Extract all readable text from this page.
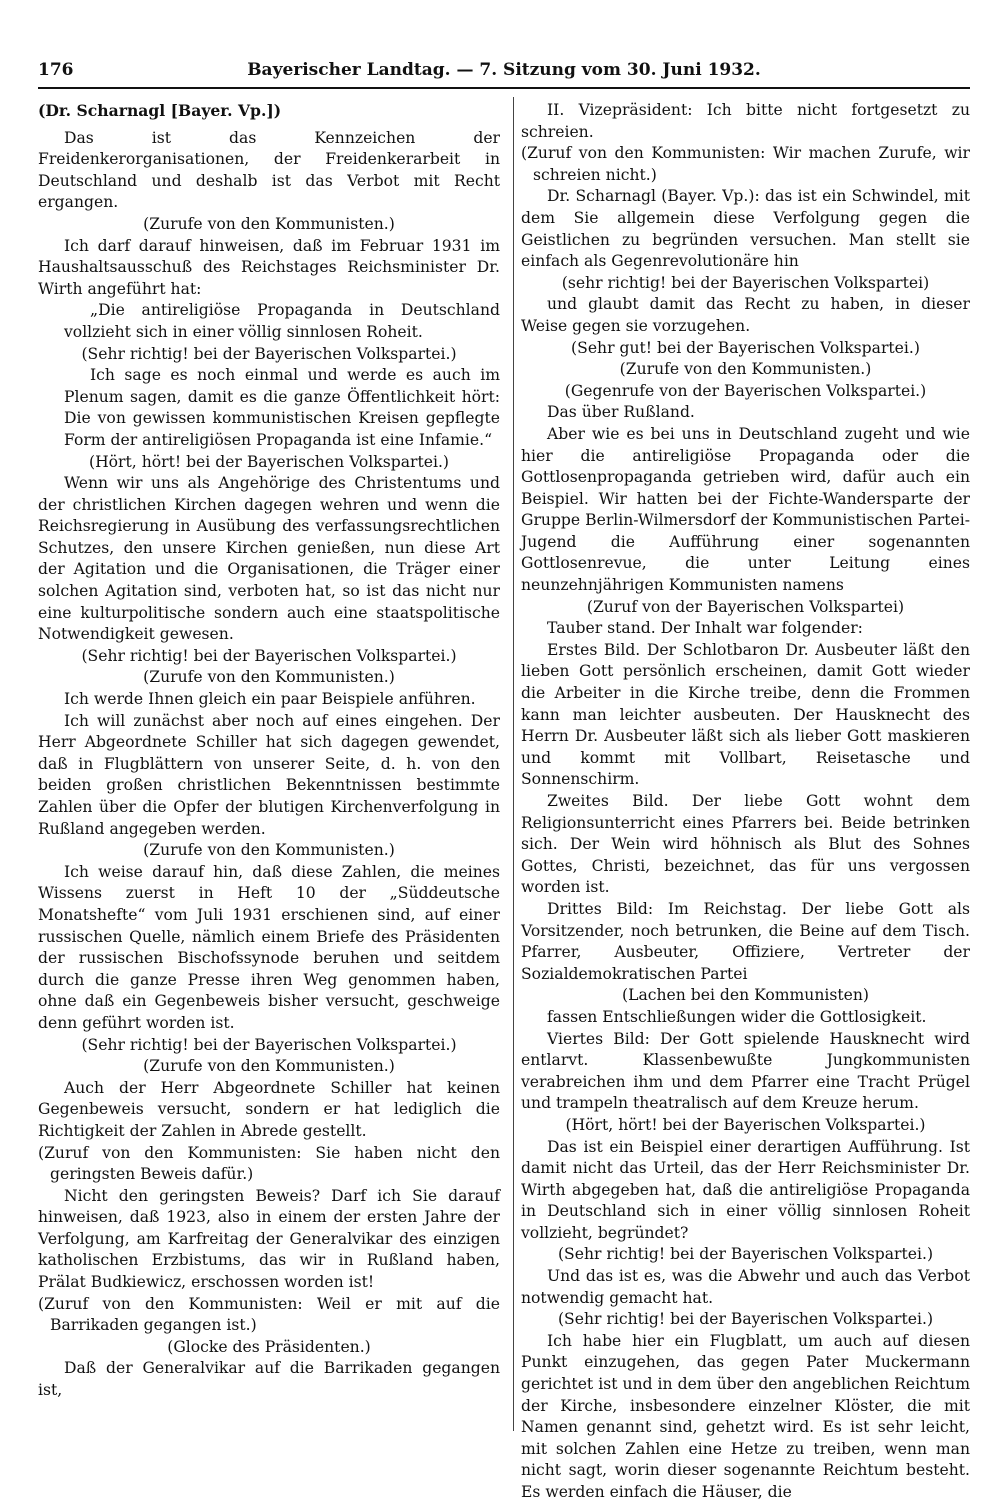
176	Bayerischer Landtag. — 7. Sitzung vom 30. Juni 1932.

(Dr. Scharnagl [Bayer. Vp.])

Das ist das Kennzeichen der Freidenkerorganisationen, der Freidenkerarbeit in Deutschland und deshalb ist das Verbot mit Recht ergangen.

(Zurufe von den Kommunisten.)

Ich darf darauf hinweisen, daß im Februar 1931 im Haushaltsausschuß des Reichstages Reichsminister Dr. Wirth angeführt hat:

„Die antireligiöse Propaganda in Deutschland vollzieht sich in einer völlig sinnlosen Roheit.

(Sehr richtig! bei der Bayerischen Volkspartei.)

Ich sage es noch einmal und werde es auch im Plenum sagen, damit es die ganze Öffentlichkeit hört: Die von gewissen kommunistischen Kreisen gepflegte Form der antireligiösen Propaganda ist eine Infamie.“

(Hört, hört! bei der Bayerischen Volkspartei.)

Wenn wir uns als Angehörige des Christentums und der christlichen Kirchen dagegen wehren und wenn die Reichsregierung in Ausübung des verfassungsrechtlichen Schutzes, den unsere Kirchen genießen, nun diese Art der Agitation und die Organisationen, die Träger einer solchen Agitation sind, verboten hat, so ist das nicht nur eine kulturpolitische sondern auch eine staatspolitische Notwendigkeit gewesen.

(Sehr richtig! bei der Bayerischen Volkspartei.)

(Zurufe von den Kommunisten.)

Ich werde Ihnen gleich ein paar Beispiele anführen.

Ich will zunächst aber noch auf eines eingehen. Der Herr Abgeordnete Schiller hat sich dagegen gewendet, daß in Flugblättern von unserer Seite, d. h. von den beiden großen christlichen Bekenntnissen bestimmte Zahlen über die Opfer der blutigen Kirchenverfolgung in Rußland angegeben werden.

(Zurufe von den Kommunisten.)

Ich weise darauf hin, daß diese Zahlen, die meines Wissens zuerst in Heft 10 der „Süddeutsche Monatshefte“ vom Juli 1931 erschienen sind, auf einer russischen Quelle, nämlich einem Briefe des Präsidenten der russischen Bischofssynode beruhen und seitdem durch die ganze Presse ihren Weg genommen haben, ohne daß ein Gegenbeweis bisher versucht, geschweige denn geführt worden ist.

(Sehr richtig! bei der Bayerischen Volkspartei.)

(Zurufe von den Kommunisten.)

Auch der Herr Abgeordnete Schiller hat keinen Gegenbeweis versucht, sondern er hat lediglich die Richtigkeit der Zahlen in Abrede gestellt.

(Zuruf von den Kommunisten: Sie haben nicht den geringsten Beweis dafür.)

Nicht den geringsten Beweis? Darf ich Sie darauf hinweisen, daß 1923, also in einem der ersten Jahre der Verfolgung, am Karfreitag der Generalvikar des einzigen katholischen Erzbistums, das wir in Rußland haben, Prälat Budkiewicz, erschossen worden ist!

(Zuruf von den Kommunisten: Weil er mit auf die Barrikaden gegangen ist.)

(Glocke des Präsidenten.)

Daß der Generalvikar auf die Barrikaden gegangen ist,

II. Vizepräsident: Ich bitte nicht fortgesetzt zu schreien.

(Zuruf von den Kommunisten: Wir machen Zurufe, wir schreien nicht.)

Dr. Scharnagl (Bayer. Vp.): das ist ein Schwindel, mit dem Sie allgemein diese Verfolgung gegen die Geistlichen zu begründen versuchen. Man stellt sie einfach als Gegenrevolutionäre hin

(sehr richtig! bei der Bayerischen Volkspartei)

und glaubt damit das Recht zu haben, in dieser Weise gegen sie vorzugehen.

(Sehr gut! bei der Bayerischen Volkspartei.)

(Zurufe von den Kommunisten.)

(Gegenrufe von der Bayerischen Volkspartei.)

Das über Rußland.

Aber wie es bei uns in Deutschland zugeht und wie hier die antireligiöse Propaganda oder die Gottlosenpropaganda getrieben wird, dafür auch ein Beispiel. Wir hatten bei der Fichte-Wandersparte der Gruppe Berlin-Wilmersdorf der Kommunistischen Partei-Jugend die Aufführung einer sogenannten Gottlosenrevue, die unter Leitung eines neunzehnjährigen Kommunisten namens

(Zuruf von der Bayerischen Volkspartei)

Tauber stand. Der Inhalt war folgender:

Erstes Bild. Der Schlotbaron Dr. Ausbeuter läßt den lieben Gott persönlich erscheinen, damit Gott wieder die Arbeiter in die Kirche treibe, denn die Frommen kann man leichter ausbeuten. Der Hausknecht des Herrn Dr. Ausbeuter läßt sich als lieber Gott maskieren und kommt mit Vollbart, Reisetasche und Sonnenschirm.

Zweites Bild. Der liebe Gott wohnt dem Religionsunterricht eines Pfarrers bei. Beide betrinken sich. Der Wein wird höhnisch als Blut des Sohnes Gottes, Christi, bezeichnet, das für uns vergossen worden ist.

Drittes Bild: Im Reichstag. Der liebe Gott als Vorsitzender, noch betrunken, die Beine auf dem Tisch. Pfarrer, Ausbeuter, Offiziere, Vertreter der Sozialdemokratischen Partei

(Lachen bei den Kommunisten)

fassen Entschließungen wider die Gottlosigkeit.

Viertes Bild: Der Gott spielende Hausknecht wird entlarvt. Klassenbewußte Jungkommunisten verabreichen ihm und dem Pfarrer eine Tracht Prügel und trampeln theatralisch auf dem Kreuze herum.

(Hört, hört! bei der Bayerischen Volkspartei.)

Das ist ein Beispiel einer derartigen Aufführung. Ist damit nicht das Urteil, das der Herr Reichsminister Dr. Wirth abgegeben hat, daß die antireligiöse Propaganda in Deutschland sich in einer völlig sinnlosen Roheit vollzieht, begründet?

(Sehr richtig! bei der Bayerischen Volkspartei.)

Und das ist es, was die Abwehr und auch das Verbot notwendig gemacht hat.

(Sehr richtig! bei der Bayerischen Volkspartei.)

Ich habe hier ein Flugblatt, um auch auf diesen Punkt einzugehen, das gegen Pater Muckermann gerichtet ist und in dem über den angeblichen Reichtum der Kirche, insbesondere einzelner Klöster, die mit Namen genannt sind, gehetzt wird. Es ist sehr leicht, mit solchen Zahlen eine Hetze zu treiben, wenn man nicht sagt, worin dieser sogenannte Reichtum besteht. Es werden einfach die Häuser, die
